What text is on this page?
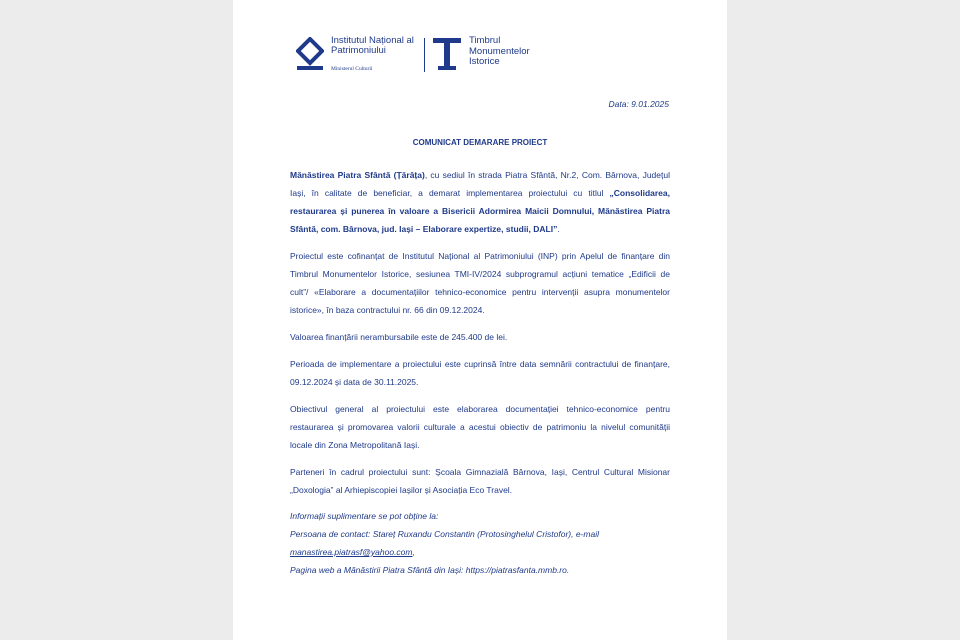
Institutul Național al Patrimoniului
Ministerul Culturii
Timbrul Monumentelor Istorice
Data: 9.01.2025
COMUNICAT DEMARARE PROIECT

Mănăstirea Piatra Sfântă (Țărâța), cu sediul în strada Piatra Sfântă, Nr.2, Com. Bârnova, Județul Iași, în calitate de beneficiar, a demarat implementarea proiectului cu titlul „Consolidarea, restaurarea și punerea în valoare a Bisericii Adormirea Maicii Domnului, Mănăstirea Piatra Sfântă, com. Bârnova, jud. Iași – Elaborare expertize, studii, DALI”.

Proiectul este cofinanțat de Institutul Național al Patrimoniului (INP) prin Apelul de finanțare din Timbrul Monumentelor Istorice, sesiunea TMI-IV/2024 subprogramul acțiuni tematice „Edificii de cult”/ «Elaborare a documentațiilor tehnico-economice pentru intervenții asupra monumentelor istorice», în baza contractului nr. 66 din 09.12.2024.

Valoarea finanțării nerambursabile este de 245.400 de lei.

Perioada de implementare a proiectului este cuprinsă între data semnării contractului de finanțare, 09.12.2024 și data de 30.11.2025.

Obiectivul general al proiectului este elaborarea documentației tehnico-economice pentru restaurarea și promovarea valorii culturale a acestui obiectiv de patrimoniu la nivelul comunității locale din Zona Metropolitană Iași.

Parteneri în cadrul proiectului sunt: Școala Gimnazială Bârnova, Iași, Centrul Cultural Misionar „Doxologia” al Arhiepiscopiei Iașilor și Asociația Eco Travel.

Informații suplimentare se pot obține la:
Persoana de contact: Stareț Ruxandu Constantin (Protosinghelul Cristofor), e-mail
manastirea.piatrasf@yahoo.com,
Pagina web a Mănăstirii Piatra Sfântă din Iași: https://piatrasfanta.mmb.ro.
